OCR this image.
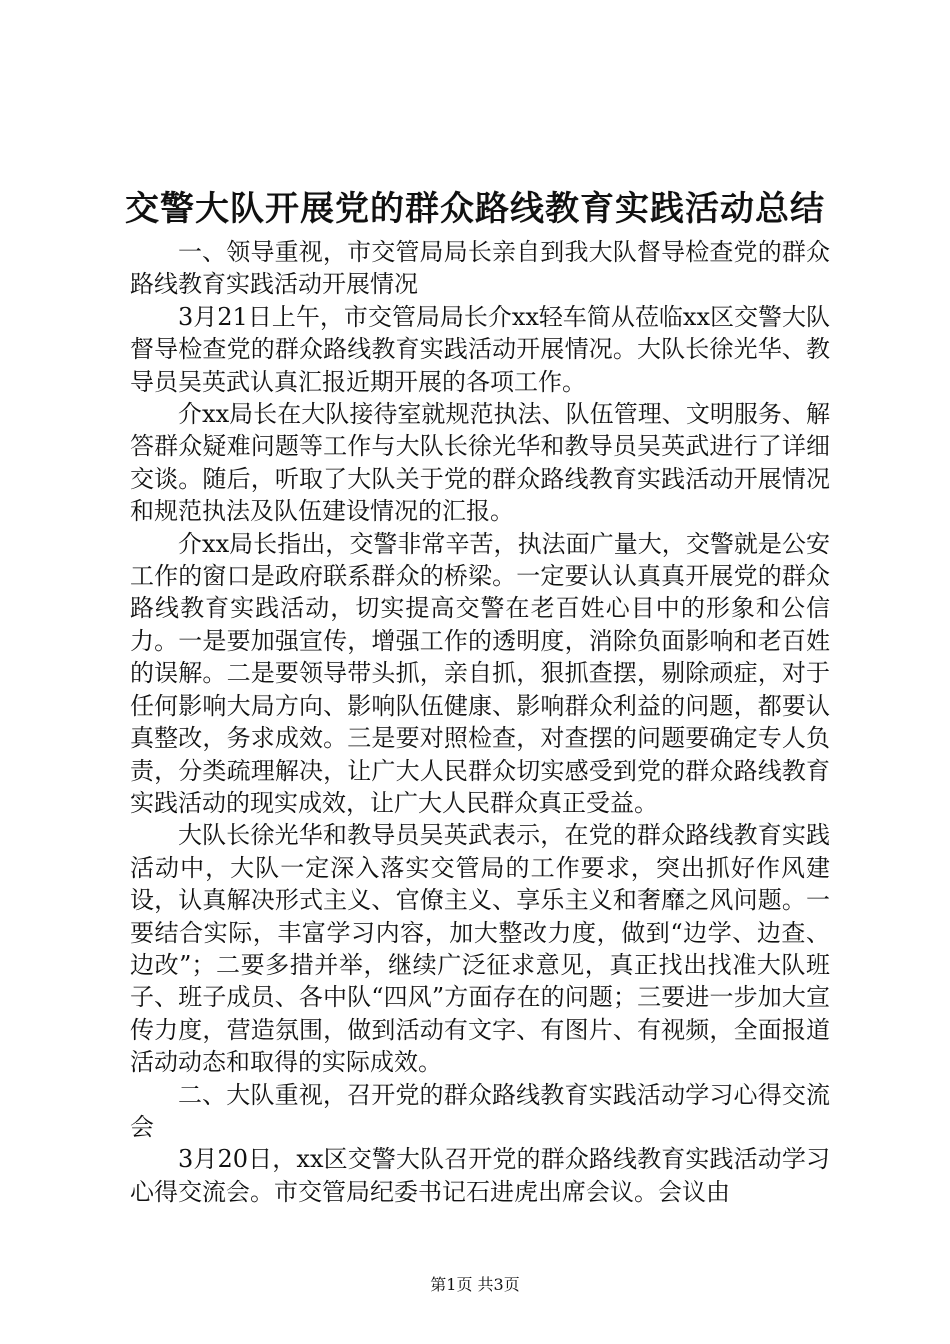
交警大队开展党的群众路线教育实践活动总结

一、领导重视，市交管局局长亲自到我大队督导检查党的群众路线教育实践活动开展情况

3月21日上午，市交管局局长介xx轻车简从莅临xx区交警大队督导检查党的群众路线教育实践活动开展情况。大队长徐光华、教导员吴英武认真汇报近期开展的各项工作。

介xx局长在大队接待室就规范执法、队伍管理、文明服务、解答群众疑难问题等工作与大队长徐光华和教导员吴英武进行了详细交谈。随后，听取了大队关于党的群众路线教育实践活动开展情况和规范执法及队伍建设情况的汇报。

介xx局长指出，交警非常辛苦，执法面广量大，交警就是公安工作的窗口是政府联系群众的桥梁。一定要认认真真开展党的群众路线教育实践活动，切实提高交警在老百姓心目中的形象和公信力。一是要加强宣传，增强工作的透明度，消除负面影响和老百姓的误解。二是要领导带头抓，亲自抓，狠抓查摆，剔除顽症，对于任何影响大局方向、影响队伍健康、影响群众利益的问题，都要认真整改，务求成效。三是要对照检查，对查摆的问题要确定专人负责，分类疏理解决，让广大人民群众切实感受到党的群众路线教育实践活动的现实成效，让广大人民群众真正受益。

大队长徐光华和教导员吴英武表示，在党的群众路线教育实践活动中，大队一定深入落实交管局的工作要求，突出抓好作风建设，认真解决形式主义、官僚主义、享乐主义和奢靡之风问题。一要结合实际，丰富学习内容，加大整改力度，做到“边学、边查、边改”；二要多措并举，继续广泛征求意见，真正找出找准大队班子、班子成员、各中队“四风”方面存在的问题；三要进一步加大宣传力度，营造氛围，做到活动有文字、有图片、有视频，全面报道活动动态和取得的实际成效。

二、大队重视，召开党的群众路线教育实践活动学习心得交流会

3月20日，xx区交警大队召开党的群众路线教育实践活动学习心得交流会。市交管局纪委书记石进虎出席会议。会议由

第1页 共3页
